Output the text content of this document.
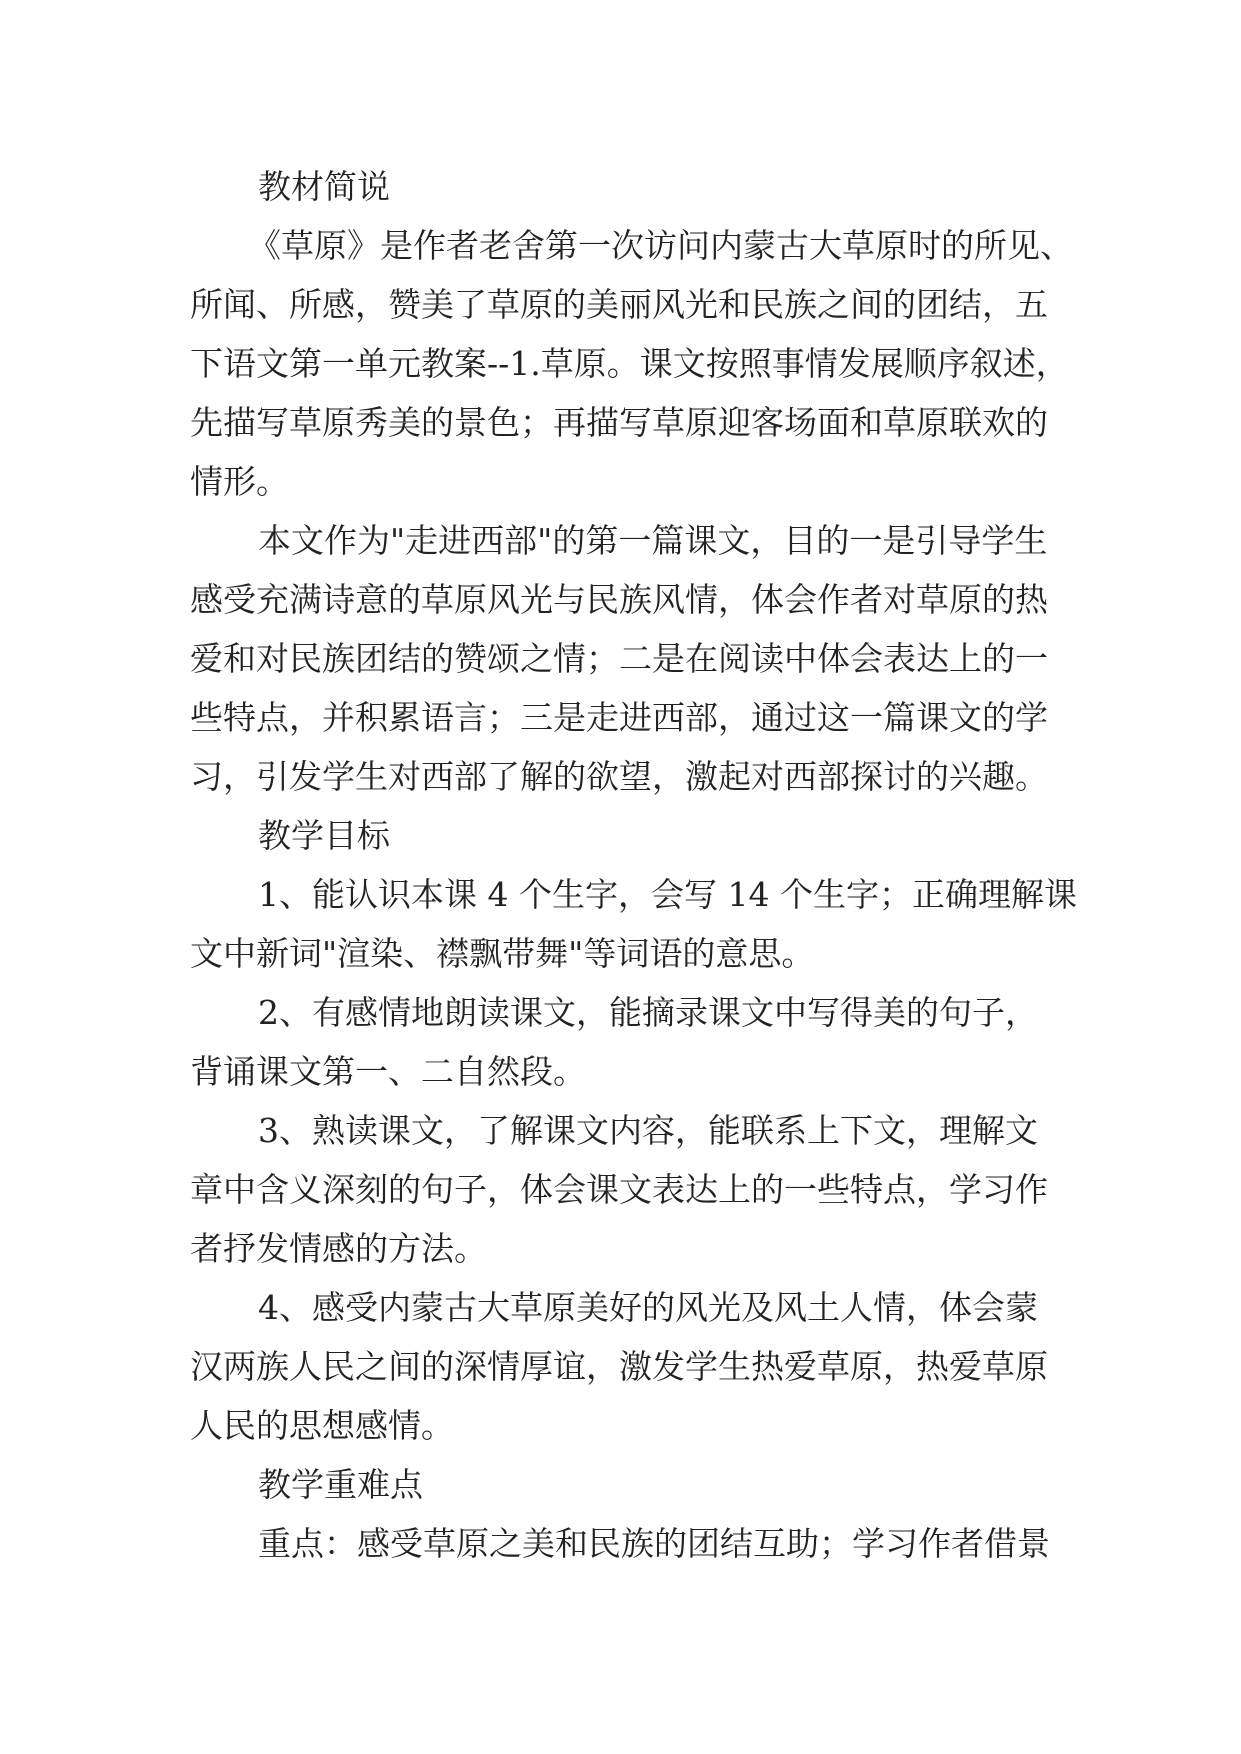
教材简说
《草原》是作者老舍第一次访问内蒙古大草原时的所见、
所闻、所感，赞美了草原的美丽风光和民族之间的团结，五
下语文第一单元教案--1.草原。课文按照事情发展顺序叙述，
先描写草原秀美的景色；再描写草原迎客场面和草原联欢的
情形。
本文作为"走进西部"的第一篇课文，目的一是引导学生
感受充满诗意的草原风光与民族风情，体会作者对草原的热
爱和对民族团结的赞颂之情；二是在阅读中体会表达上的一
些特点，并积累语言；三是走进西部，通过这一篇课文的学
习，引发学生对西部了解的欲望，激起对西部探讨的兴趣。
教学目标
1、能认识本课 4 个生字，会写 14 个生字；正确理解课
文中新词"渲染、襟飘带舞"等词语的意思。
2、有感情地朗读课文，能摘录课文中写得美的句子，
背诵课文第一、二自然段。
3、熟读课文，了解课文内容，能联系上下文，理解文
章中含义深刻的句子，体会课文表达上的一些特点，学习作
者抒发情感的方法。
4、感受内蒙古大草原美好的风光及风土人情，体会蒙
汉两族人民之间的深情厚谊，激发学生热爱草原，热爱草原
人民的思想感情。
教学重难点
重点：感受草原之美和民族的团结互助；学习作者借景
